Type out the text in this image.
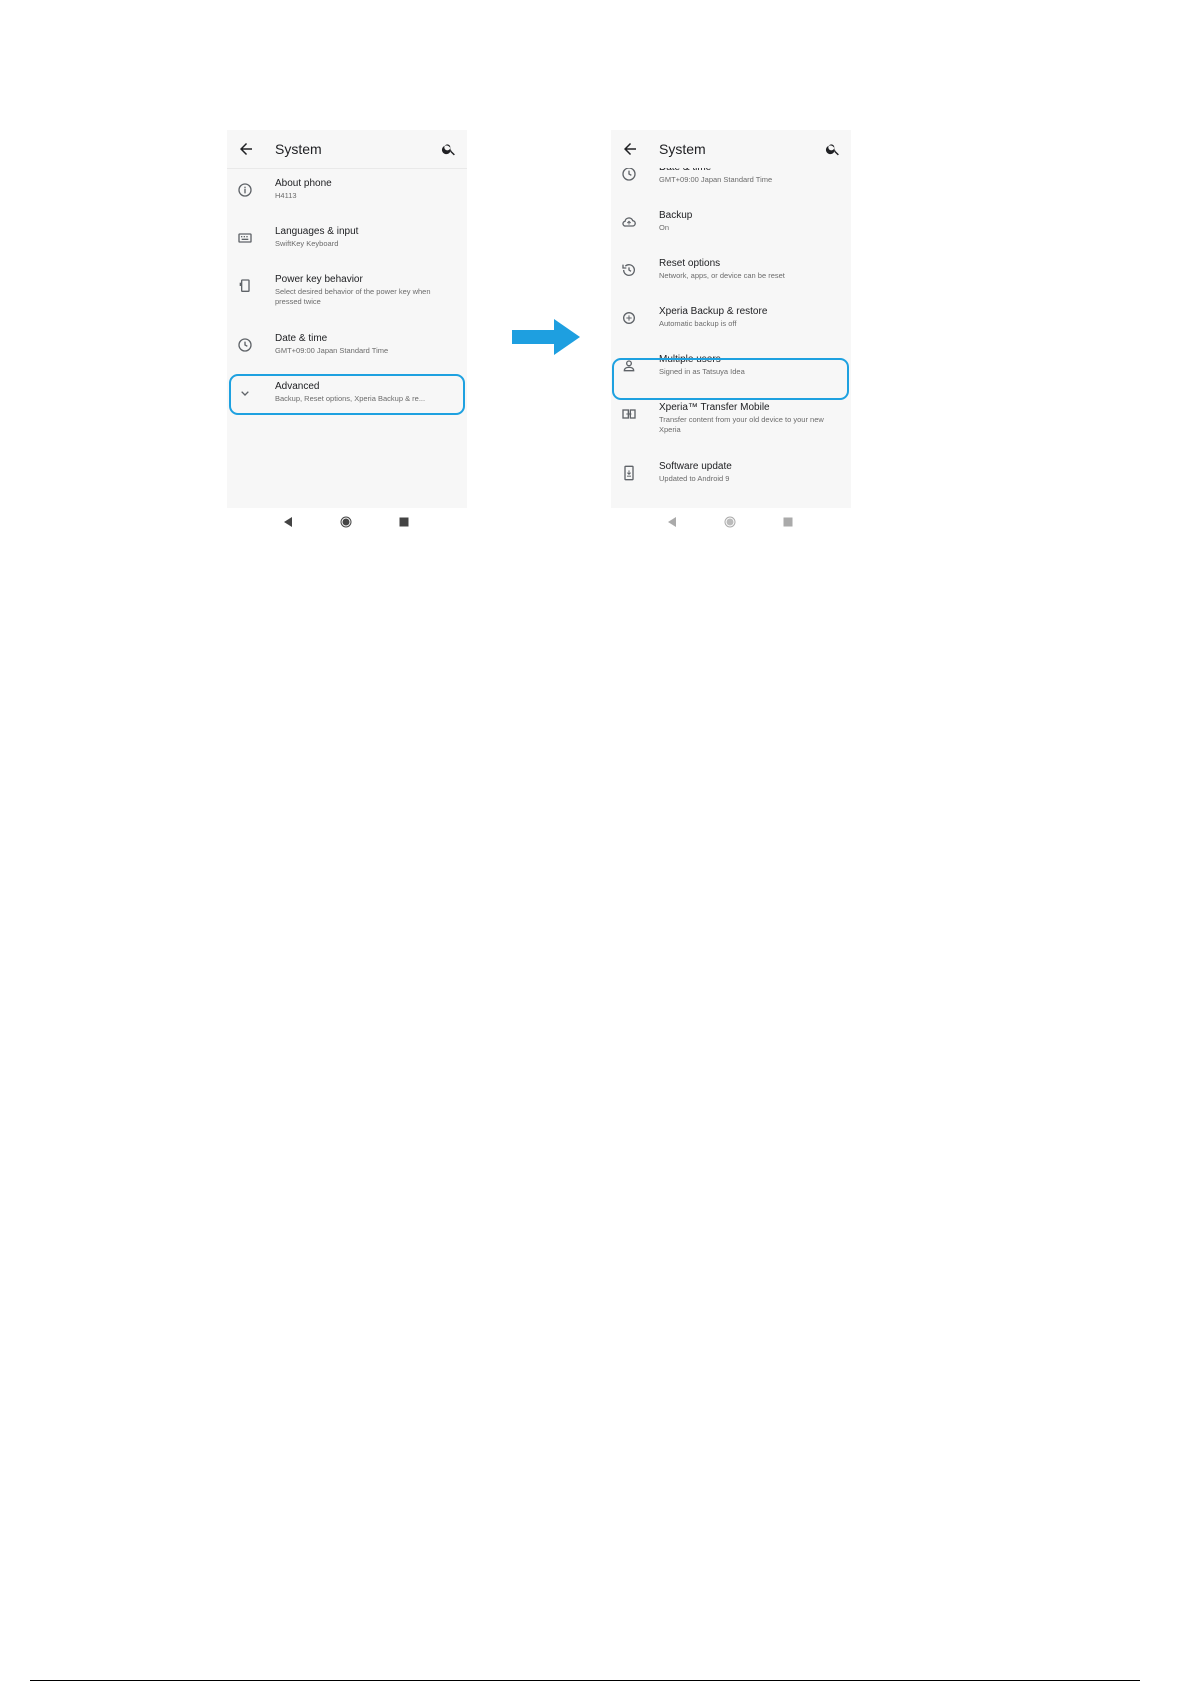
System
About phone
H4113
Languages & input
SwiftKey Keyboard
Power key behavior
Select desired behavior of the power key when pressed twice
Date & time
GMT+09:00 Japan Standard Time
Advanced
Backup, Reset options, Xperia Backup & re...
System
GMT+09:00 Japan Standard Time
Backup
On
Reset options
Network, apps, or device can be reset
Xperia Backup & restore
Automatic backup is off
Multiple users
Signed in as Tatsuya Idea
Xperia™ Transfer Mobile
Transfer content from your old device to your new Xperia
Software update
Updated to Android 9
